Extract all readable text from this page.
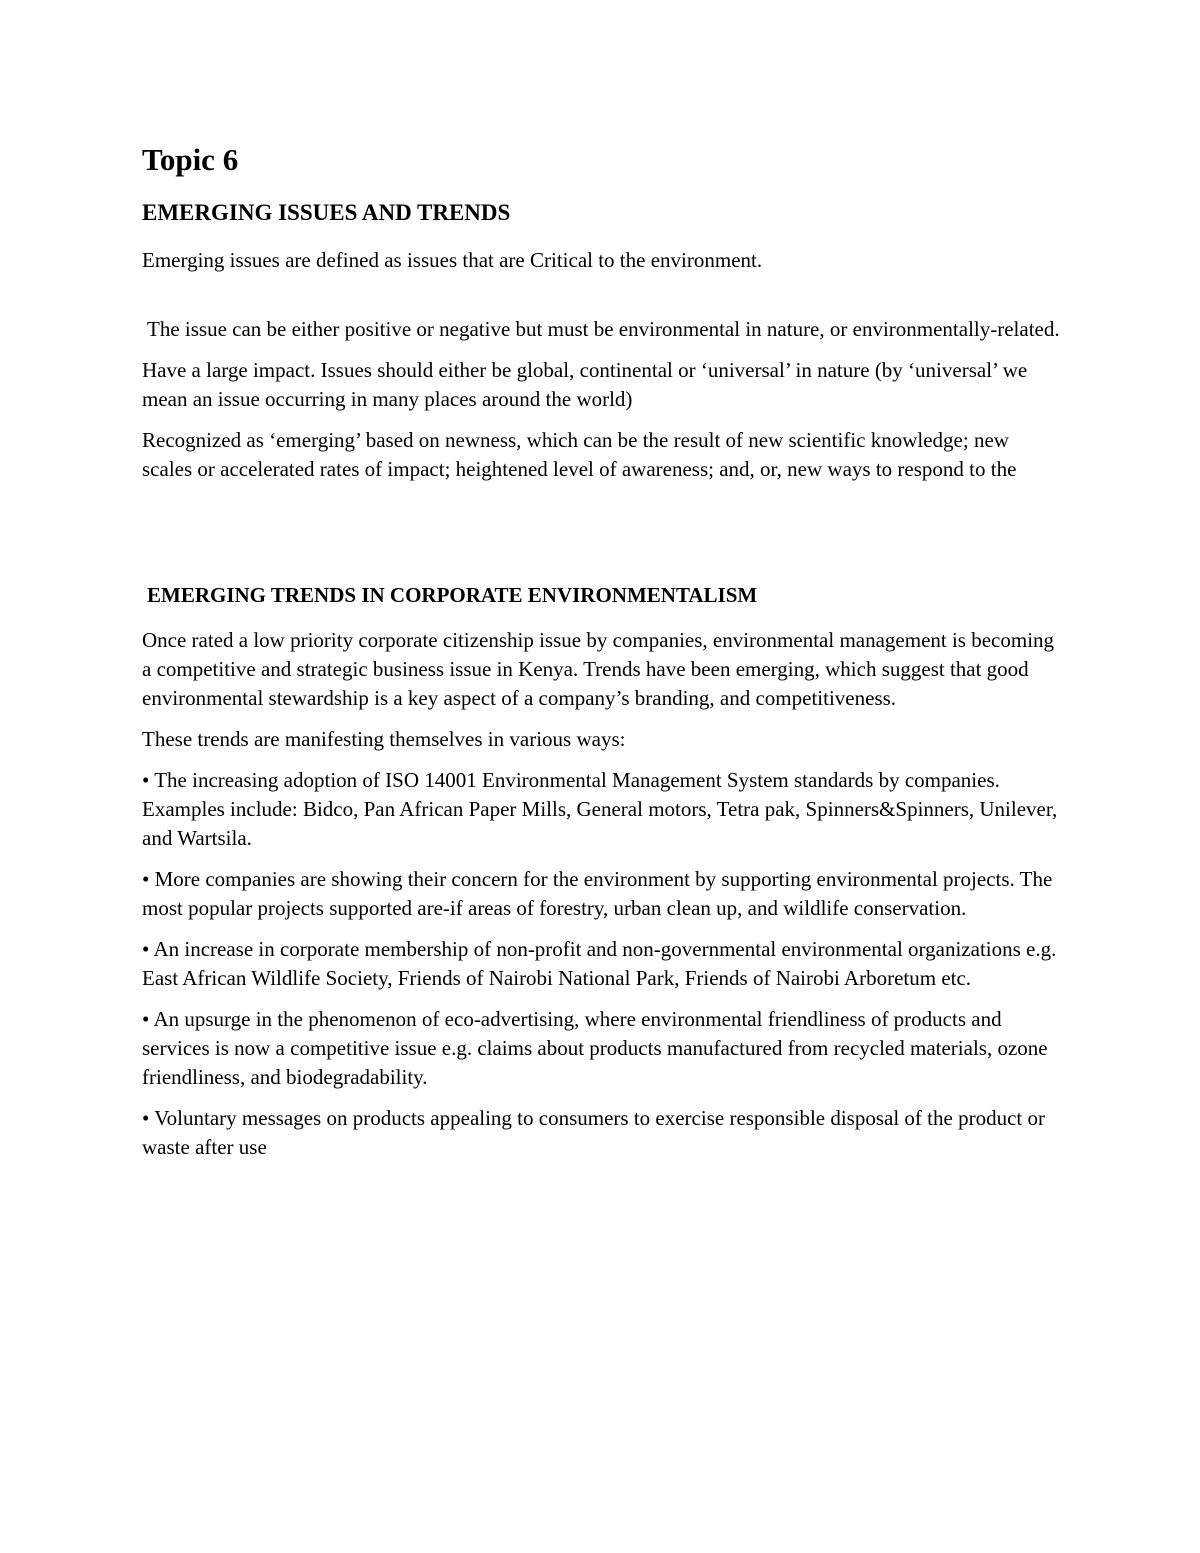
Topic 6
EMERGING ISSUES AND TRENDS

Emerging issues are defined as issues that are Critical to the environment.

The issue can be either positive or negative but must be environmental in nature, or environmentally-related.

Have a large impact. Issues should either be global, continental or ‘universal’ in nature (by ‘universal’ we mean an issue occurring in many places around the world)

Recognized as ‘emerging’ based on newness, which can be the result of new scientific knowledge; new scales or accelerated rates of impact; heightened level of awareness; and, or, new ways to respond to the

EMERGING TRENDS IN CORPORATE ENVIRONMENTALISM

Once rated a low priority corporate citizenship issue by companies, environmental management is becoming a competitive and strategic business issue in Kenya. Trends have been emerging, which suggest that good environmental stewardship is a key aspect of a company’s branding, and competitiveness.

These trends are manifesting themselves in various ways:

• The increasing adoption of ISO 14001 Environmental Management System standards by companies. Examples include: Bidco, Pan African Paper Mills, General motors, Tetra pak, Spinners&Spinners, Unilever, and Wartsila.

• More companies are showing their concern for the environment by supporting environmental projects. The most popular projects supported are-if areas of forestry, urban clean up, and wildlife conservation.

• An increase in corporate membership of non-profit and non-governmental environmental organizations e.g. East African Wildlife Society, Friends of Nairobi National Park, Friends of Nairobi Arboretum etc.

• An upsurge in the phenomenon of eco-advertising, where environmental friendliness of products and services is now a competitive issue e.g. claims about products manufactured from recycled materials, ozone friendliness, and biodegradability.

• Voluntary messages on products appealing to consumers to exercise responsible disposal of the product or waste after use
